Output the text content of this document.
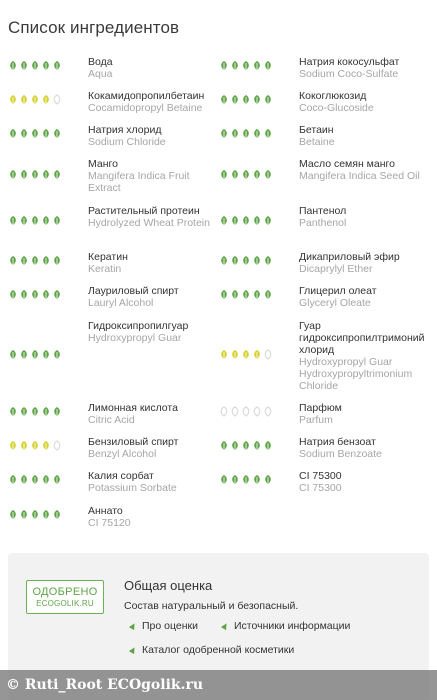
Список ингредиентов
Вода
Aqua
Кокамидопропилбетаин
Cocamidopropyl Betaine
Натрия хлорид
Sodium Chloride
Манго
Mangifera Indica Fruit Extract
Растительный протеин
Hydrolyzed Wheat Protein
Кератин
Keratin
Лауриловый спирт
Lauryl Alcohol
Гидроксипропилгуар
Hydroxypropyl Guar
Лимонная кислота
Citric Acid
Бензиловый спирт
Benzyl Alcohol
Калия сорбат
Potassium Sorbate
Аннато
CI 75120
Натрия кокосульфат
Sodium Coco-Sulfate
Кокоглюкозид
Coco-Glucoside
Бетаин
Betaine
Масло семян манго
Mangifera Indica Seed Oil
Пантенол
Panthenol
Дикаприловый эфир
Dicaprylyl Ether
Глицерил олеат
Glyceryl Oleate
Гуар гидроксипропилтримоний хлорид
Hydroxypropyl Guar Hydroxypropyltrimonium Chloride
Парфюм
Parfum
Натрия бензоат
Sodium Benzoate
CI 75300
CI 75300
ОДОБРЕНО
ECOGOLIK.RU
Общая оценка
Состав натуральный и безопасный.
Про оценки	Источники информации
Каталог одобренной косметики
© Ruti_Root ECOgolik.ru
